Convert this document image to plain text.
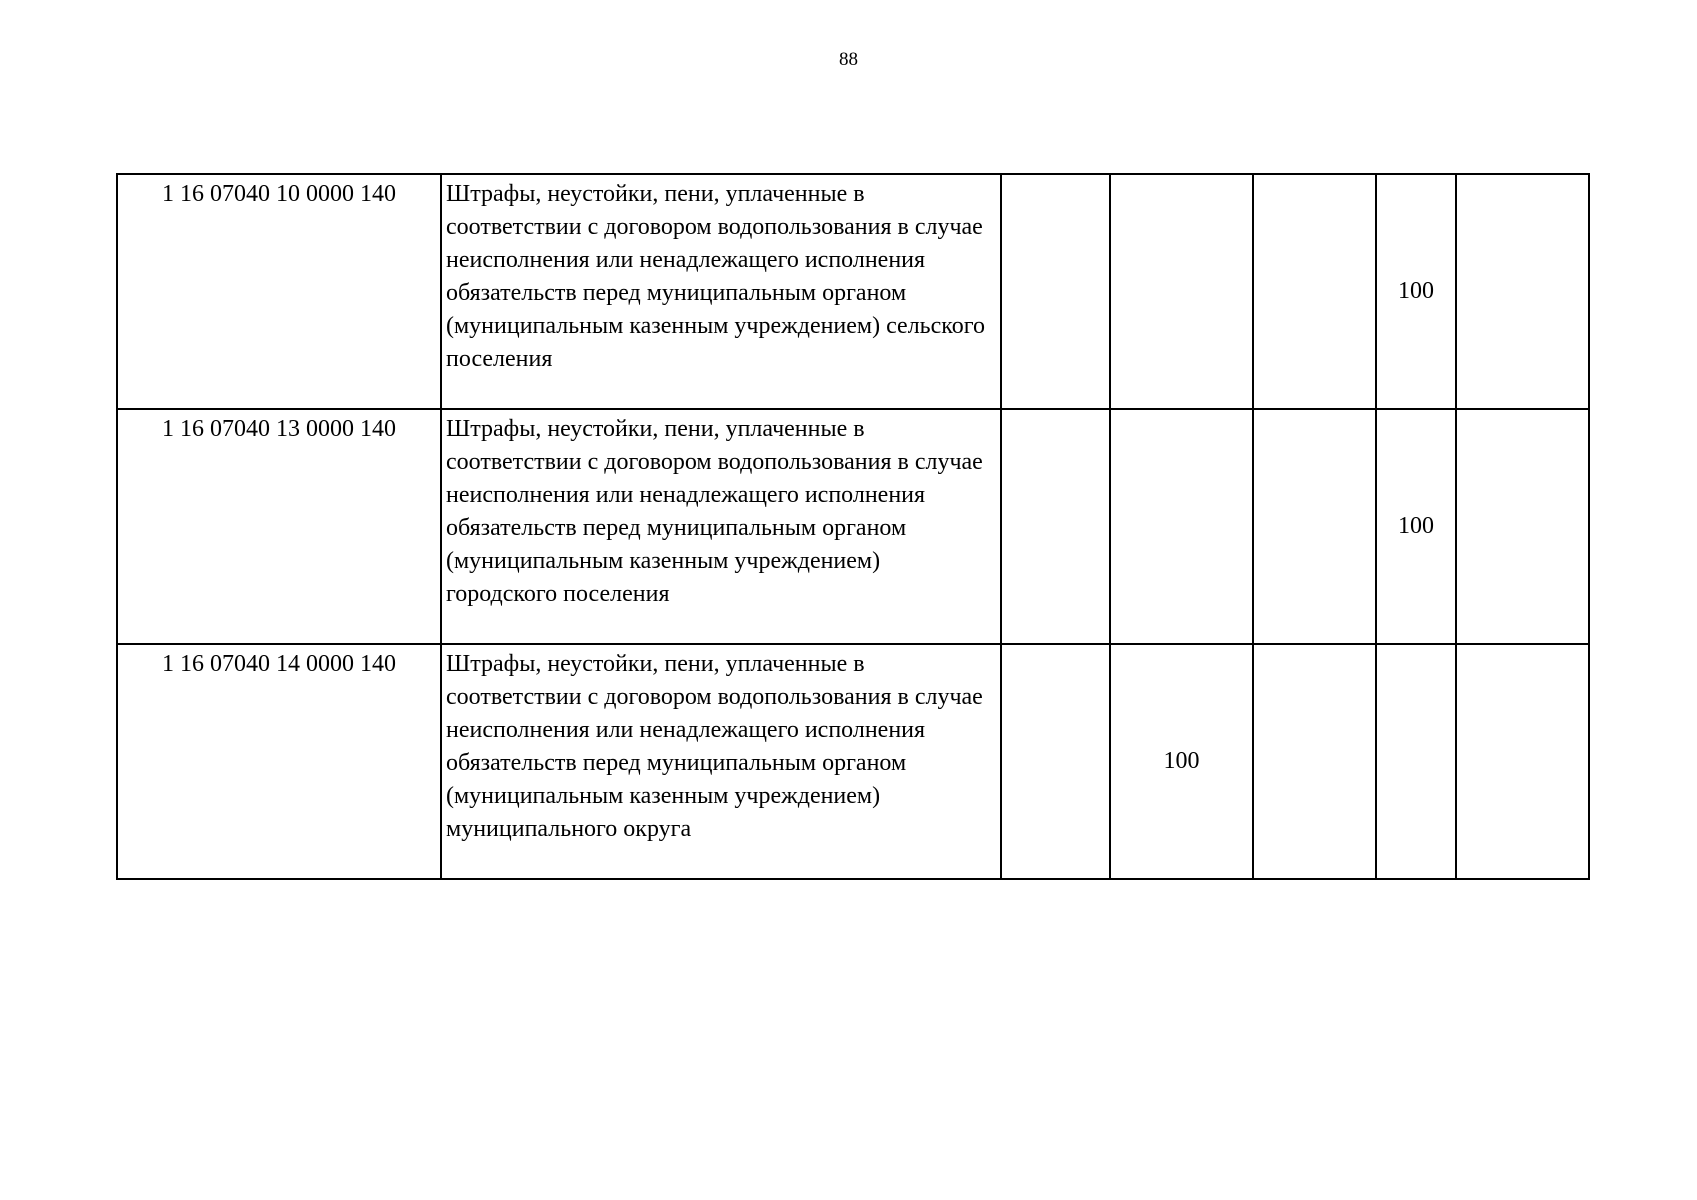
88
1 16 07040 10 0000 140	Штрафы, неустойки, пени, уплаченные в соответствии с договором водопользования в случае неисполнения или ненадлежащего исполнения обязательств перед муниципальным органом (муниципальным казенным учреждением) сельского поселения				100	
1 16 07040 13 0000 140	Штрафы, неустойки, пени, уплаченные в соответствии с договором водопользования в случае неисполнения или ненадлежащего исполнения обязательств перед муниципальным органом (муниципальным казенным учреждением) городского поселения				100	
1 16 07040 14 0000 140	Штрафы, неустойки, пени, уплаченные в соответствии с договором водопользования в случае неисполнения или ненадлежащего исполнения обязательств перед муниципальным органом (муниципальным казенным учреждением) муниципального округа		100			
